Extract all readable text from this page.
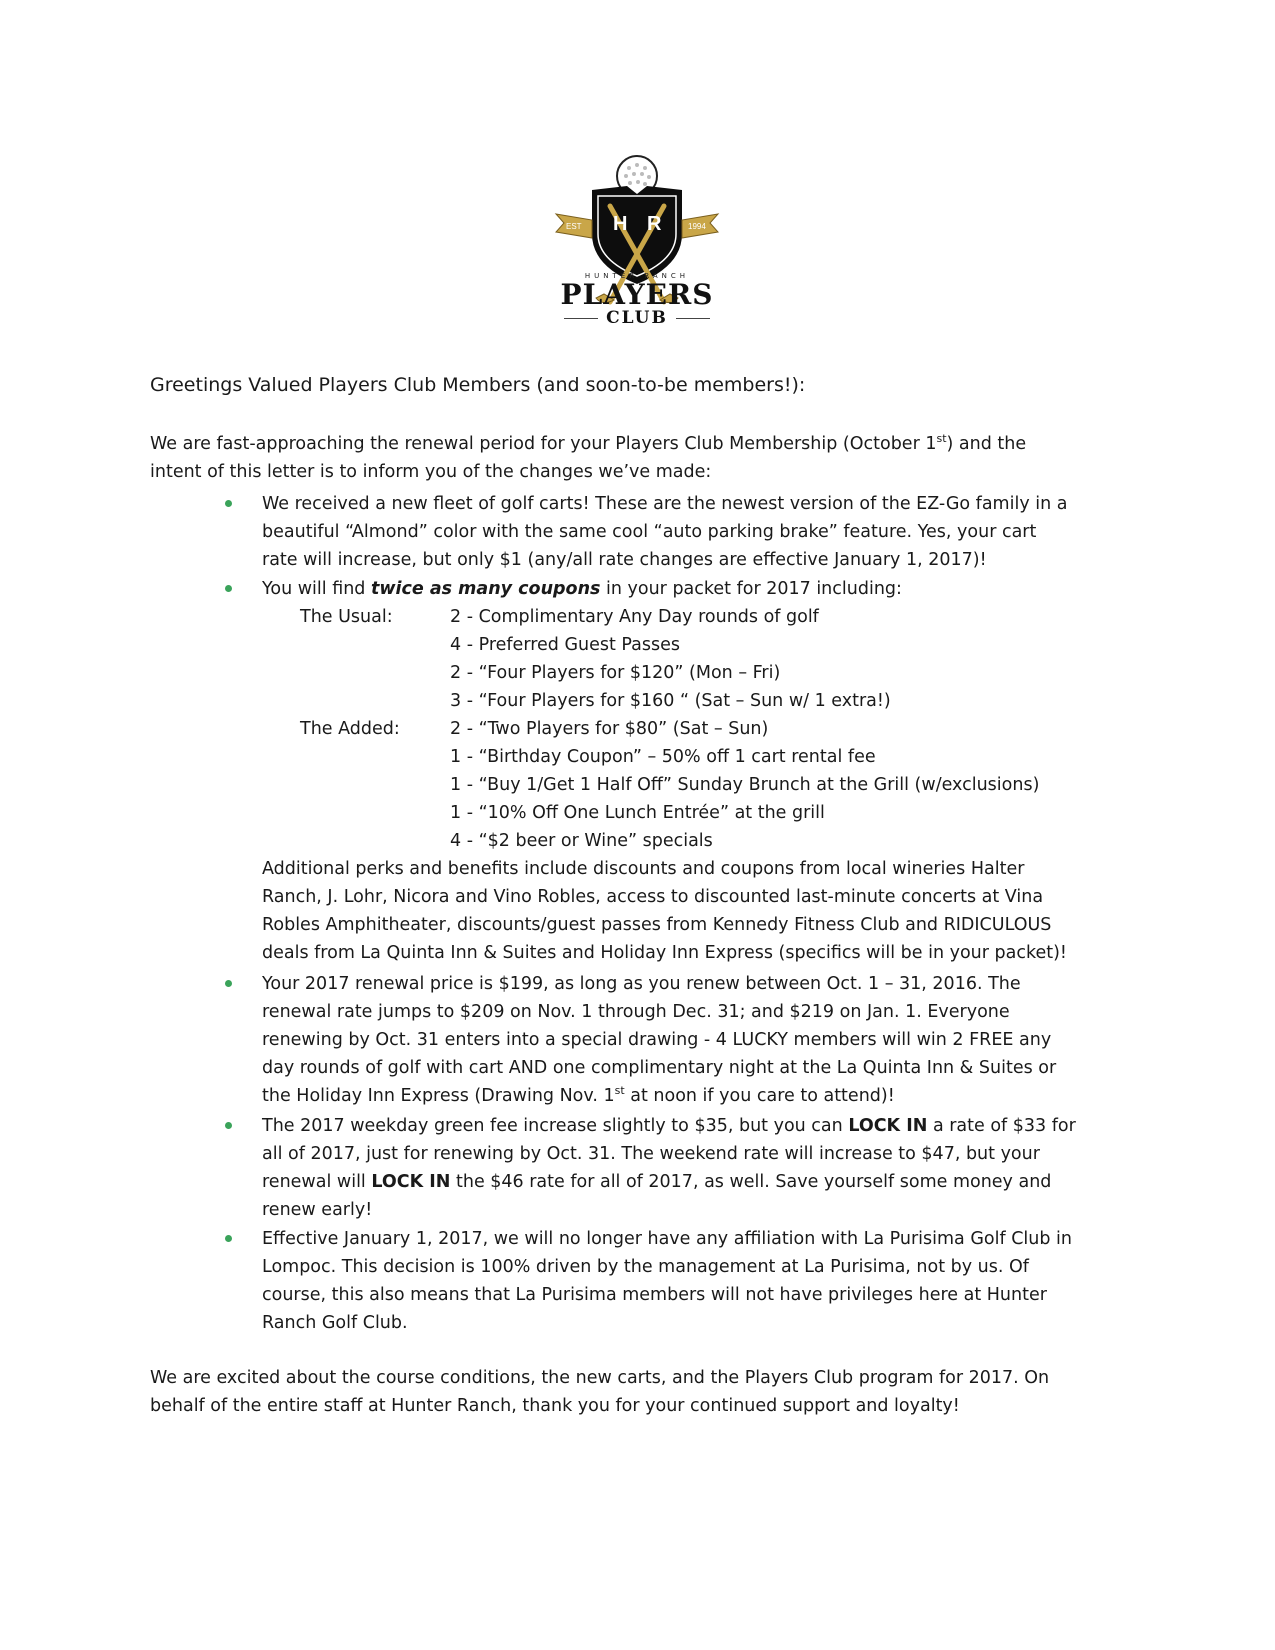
H R
EST	1994
HUNTER RANCH
PLAYERS
CLUB
Greetings Valued Players Club Members (and soon-to-be members!):
We are fast-approaching the renewal period for your Players Club Membership (October 1st) and the
intent of this letter is to inform you of the changes we’ve made:
We received a new fleet of golf carts! These are the newest version of the EZ-Go family in a
beautiful “Almond” color with the same cool “auto parking brake” feature. Yes, your cart
rate will increase, but only $1 (any/all rate changes are effective January 1, 2017)!
You will find twice as many coupons in your packet for 2017 including:
The Usual:	2 - Complimentary Any Day rounds of golf
4 - Preferred Guest Passes
2 - “Four Players for $120” (Mon – Fri)
3 - “Four Players for $160 “ (Sat – Sun w/ 1 extra!)
The Added:	2 - “Two Players for $80” (Sat – Sun)
1 - “Birthday Coupon” – 50% off 1 cart rental fee
1 - “Buy 1/Get 1 Half Off” Sunday Brunch at the Grill (w/exclusions)
1 - “10% Off One Lunch Entrée” at the grill
4 - “$2 beer or Wine” specials
Additional perks and benefits include discounts and coupons from local wineries Halter
Ranch, J. Lohr, Nicora and Vino Robles, access to discounted last-minute concerts at Vina
Robles Amphitheater, discounts/guest passes from Kennedy Fitness Club and RIDICULOUS
deals from La Quinta Inn & Suites and Holiday Inn Express (specifics will be in your packet)!
Your 2017 renewal price is $199, as long as you renew between Oct. 1 – 31, 2016. The
renewal rate jumps to $209 on Nov. 1 through Dec. 31; and $219 on Jan. 1. Everyone
renewing by Oct. 31 enters into a special drawing - 4 LUCKY members will win 2 FREE any
day rounds of golf with cart AND one complimentary night at the La Quinta Inn & Suites or
the Holiday Inn Express (Drawing Nov. 1st at noon if you care to attend)!
The 2017 weekday green fee increase slightly to $35, but you can LOCK IN a rate of $33 for
all of 2017, just for renewing by Oct. 31. The weekend rate will increase to $47, but your
renewal will LOCK IN the $46 rate for all of 2017, as well. Save yourself some money and
renew early!
Effective January 1, 2017, we will no longer have any affiliation with La Purisima Golf Club in
Lompoc. This decision is 100% driven by the management at La Purisima, not by us. Of
course, this also means that La Purisima members will not have privileges here at Hunter
Ranch Golf Club.
We are excited about the course conditions, the new carts, and the Players Club program for 2017. On
behalf of the entire staff at Hunter Ranch, thank you for your continued support and loyalty!
